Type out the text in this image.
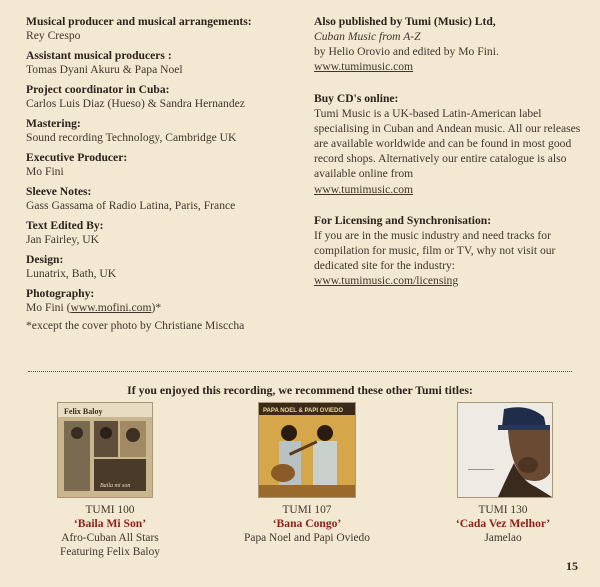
Musical producer and musical arrangements:
Rey Crespo
Assistant musical producers :
Tomas Dyani Akuru & Papa Noel
Project coordinator in Cuba:
Carlos Luis Diaz (Hueso) & Sandra Hernandez
Mastering:
Sound recording Technology, Cambridge UK
Executive Producer:
Mo Fini
Sleeve Notes:
Gass Gassama of Radio Latina, Paris, France
Text Edited By:
Jan Fairley, UK
Design:
Lunatrix, Bath, UK
Photography:
Mo Fini (www.mofini.com)*
*except the cover photo by Christiane Misccha
Also published by Tumi (Music) Ltd,
Cuban Music from A-Z
by Helio Orovio and edited by Mo Fini.
www.tumimusic.com
Buy CD's online:
Tumi Music is a UK-based Latin-American label specialising in Cuban and Andean music. All our releases are available worldwide and can be found in most good record shops. Alternatively our entire catalogue is also available online from
www.tumimusic.com
For Licensing and Synchronisation:
If you are in the music industry and need tracks for compilation for music, film or TV, why not visit our dedicated site for the industry:
www.tumimusic.com/licensing
If you enjoyed this recording, we recommend these other Tumi titles:
Felix Baloy
Baila mi son
TUMI 100
‘Baila Mi Son’
Afro-Cuban All Stars
Featuring Felix Baloy
PAPA NOEL & PAPI OVIEDO
TUMI 107
‘Bana Congo’
Papa Noel and Papi Oviedo
TUMI 130
‘Cada Vez Melhor’
Jamelao
15
